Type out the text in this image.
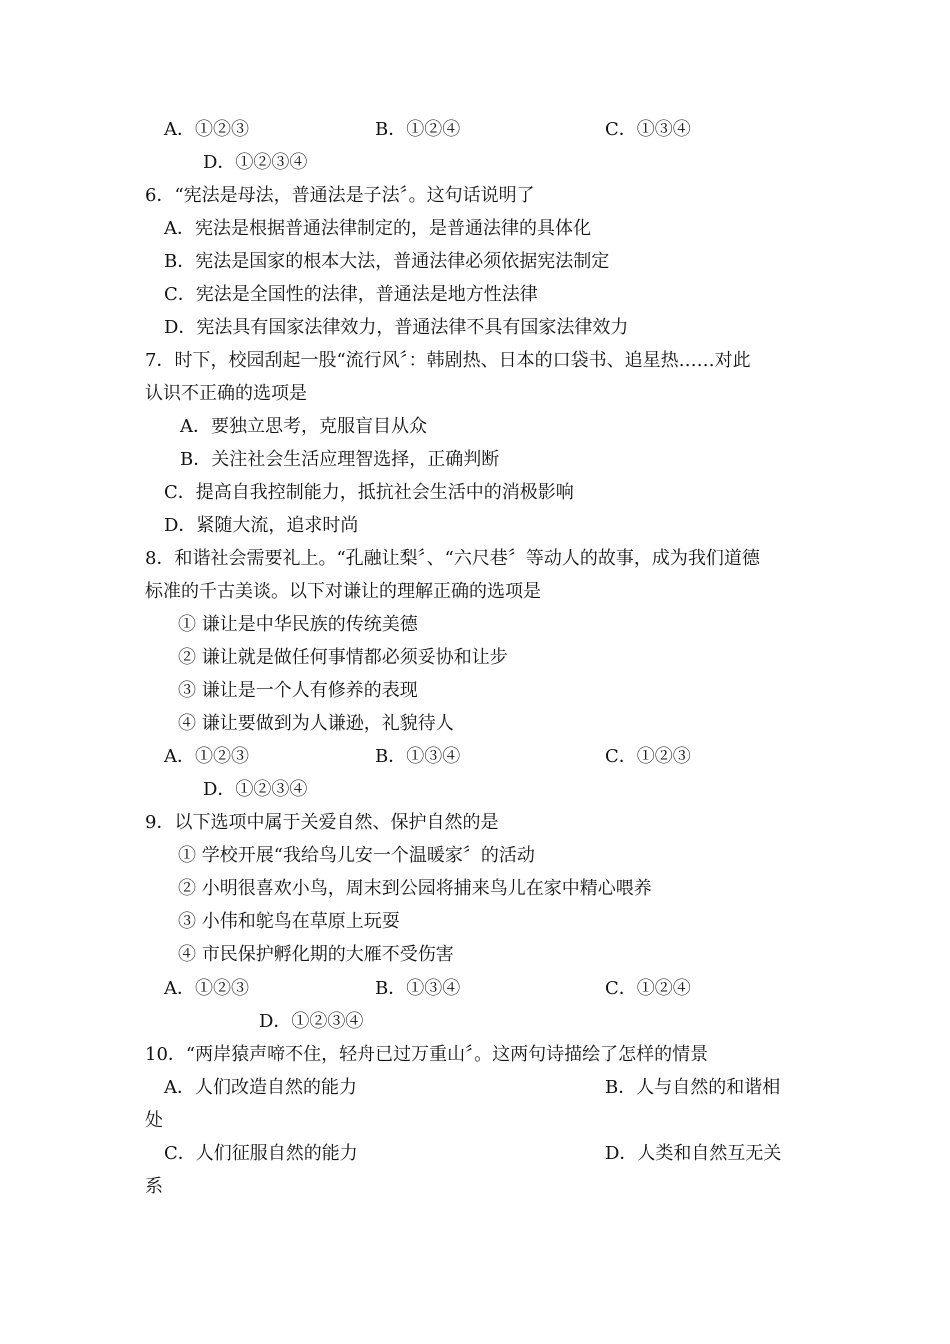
A．①②③	B．①②④	C．①③④
D．①②③④
6．“宪法是母法，普通法是子法〞。这句话说明了
A．宪法是根据普通法律制定的，是普通法律的具体化
B．宪法是国家的根本大法，普通法律必须依据宪法制定
C．宪法是全国性的法律，普通法是地方性法律
D．宪法具有国家法律效力，普通法律不具有国家法律效力
7．时下，校园刮起一股“流行风〞：韩剧热、日本的口袋书、追星热……对此
认识不正确的选项是
A．要独立思考，克服盲目从众
B．关注社会生活应理智选择，正确判断
C．提高自我控制能力，抵抗社会生活中的消极影响
D．紧随大流，追求时尚
8．和谐社会需要礼上。“孔融让梨〞、“六尺巷〞等动人的故事，成为我们道德
标准的千古美谈。以下对谦让的理解正确的选项是
① 谦让是中华民族的传统美德
② 谦让就是做任何事情都必须妥协和让步
③ 谦让是一个人有修养的表现
④ 谦让要做到为人谦逊，礼貌待人
A．①②③	B．①③④	C．①②③
D．①②③④
9．以下选项中属于关爱自然、保护自然的是
① 学校开展“我给鸟儿安一个温暖家〞的活动
② 小明很喜欢小鸟，周末到公园将捕来鸟儿在家中精心喂养
③ 小伟和鸵鸟在草原上玩耍
④ 市民保护孵化期的大雁不受伤害
A．①②③	B．①③④	C．①②④
D．①②③④
10．“两岸猿声啼不住，轻舟已过万重山〞。这两句诗描绘了怎样的情景
A．人们改造自然的能力	B．人与自然的和谐相
处
C．人们征服自然的能力	D．人类和自然互无关
系
